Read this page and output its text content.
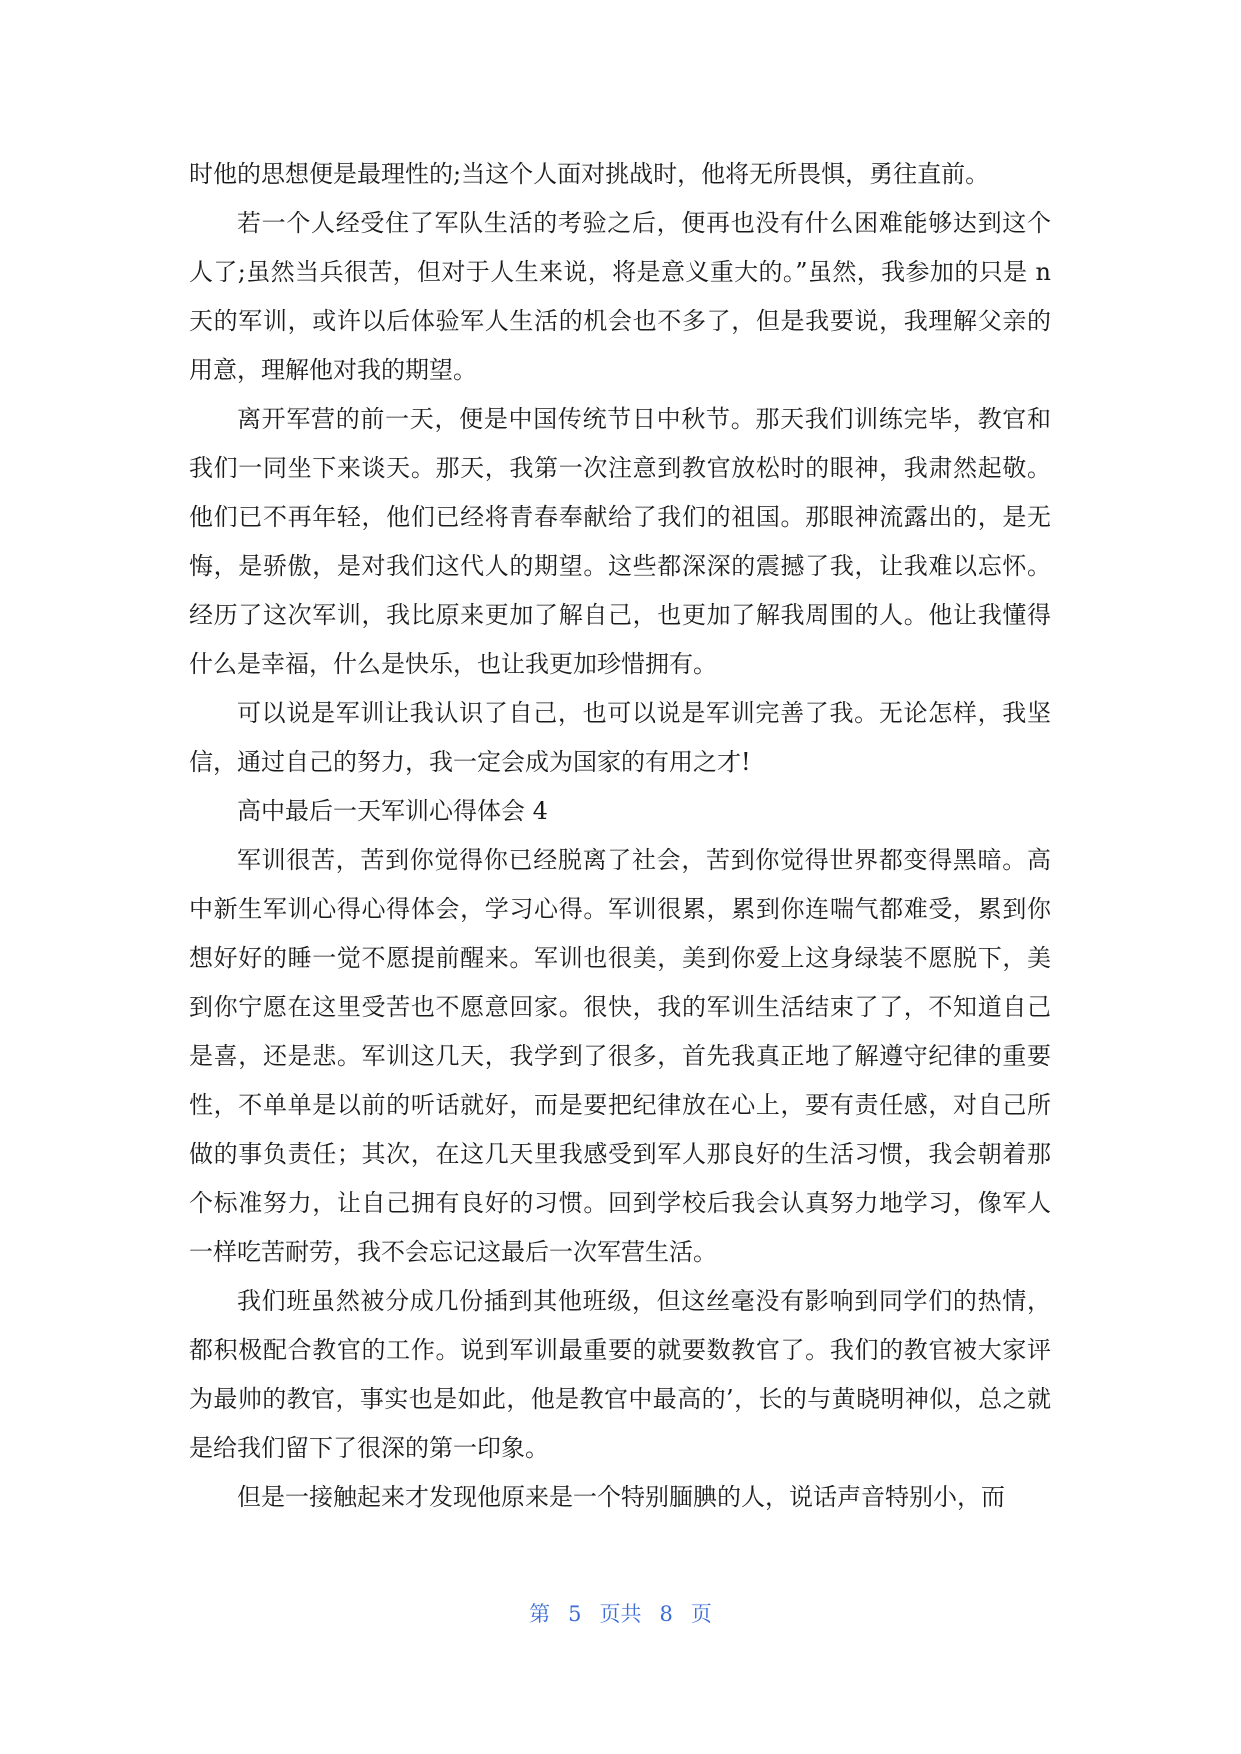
时他的思想便是最理性的;当这个人面对挑战时，他将无所畏惧，勇往直前。

若一个人经受住了军队生活的考验之后，便再也没有什么困难能够达到这个人了;虽然当兵很苦，但对于人生来说，将是意义重大的。”虽然，我参加的只是 n 天的军训，或许以后体验军人生活的机会也不多了，但是我要说，我理解父亲的用意，理解他对我的期望。

离开军营的前一天，便是中国传统节日中秋节。那天我们训练完毕，教官和我们一同坐下来谈天。那天，我第一次注意到教官放松时的眼神，我肃然起敬。他们已不再年轻，他们已经将青春奉献给了我们的祖国。那眼神流露出的，是无悔，是骄傲，是对我们这代人的期望。这些都深深的震撼了我，让我难以忘怀。经历了这次军训，我比原来更加了解自己，也更加了解我周围的人。他让我懂得什么是幸福，什么是快乐，也让我更加珍惜拥有。

可以说是军训让我认识了自己，也可以说是军训完善了我。无论怎样，我坚信，通过自己的努力，我一定会成为国家的有用之才!

高中最后一天军训心得体会 4

军训很苦，苦到你觉得你已经脱离了社会，苦到你觉得世界都变得黑暗。高中新生军训心得心得体会，学习心得。军训很累，累到你连喘气都难受，累到你想好好的睡一觉不愿提前醒来。军训也很美，美到你爱上这身绿装不愿脱下，美到你宁愿在这里受苦也不愿意回家。很快，我的军训生活结束了了，不知道自己是喜，还是悲。军训这几天，我学到了很多，首先我真正地了解遵守纪律的重要性，不单单是以前的听话就好，而是要把纪律放在心上，要有责任感，对自己所做的事负责任；其次，在这几天里我感受到军人那良好的生活习惯，我会朝着那个标准努力，让自己拥有良好的习惯。回到学校后我会认真努力地学习，像军人一样吃苦耐劳，我不会忘记这最后一次军营生活。

我们班虽然被分成几份插到其他班级，但这丝毫没有影响到同学们的热情，都积极配合教官的工作。说到军训最重要的就要数教官了。我们的教官被大家评为最帅的教官，事实也是如此，他是教官中最高的’，长的与黄晓明神似，总之就是给我们留下了很深的第一印象。

但是一接触起来才发现他原来是一个特别腼腆的人，说话声音特别小，而

第 5 页共 8 页
